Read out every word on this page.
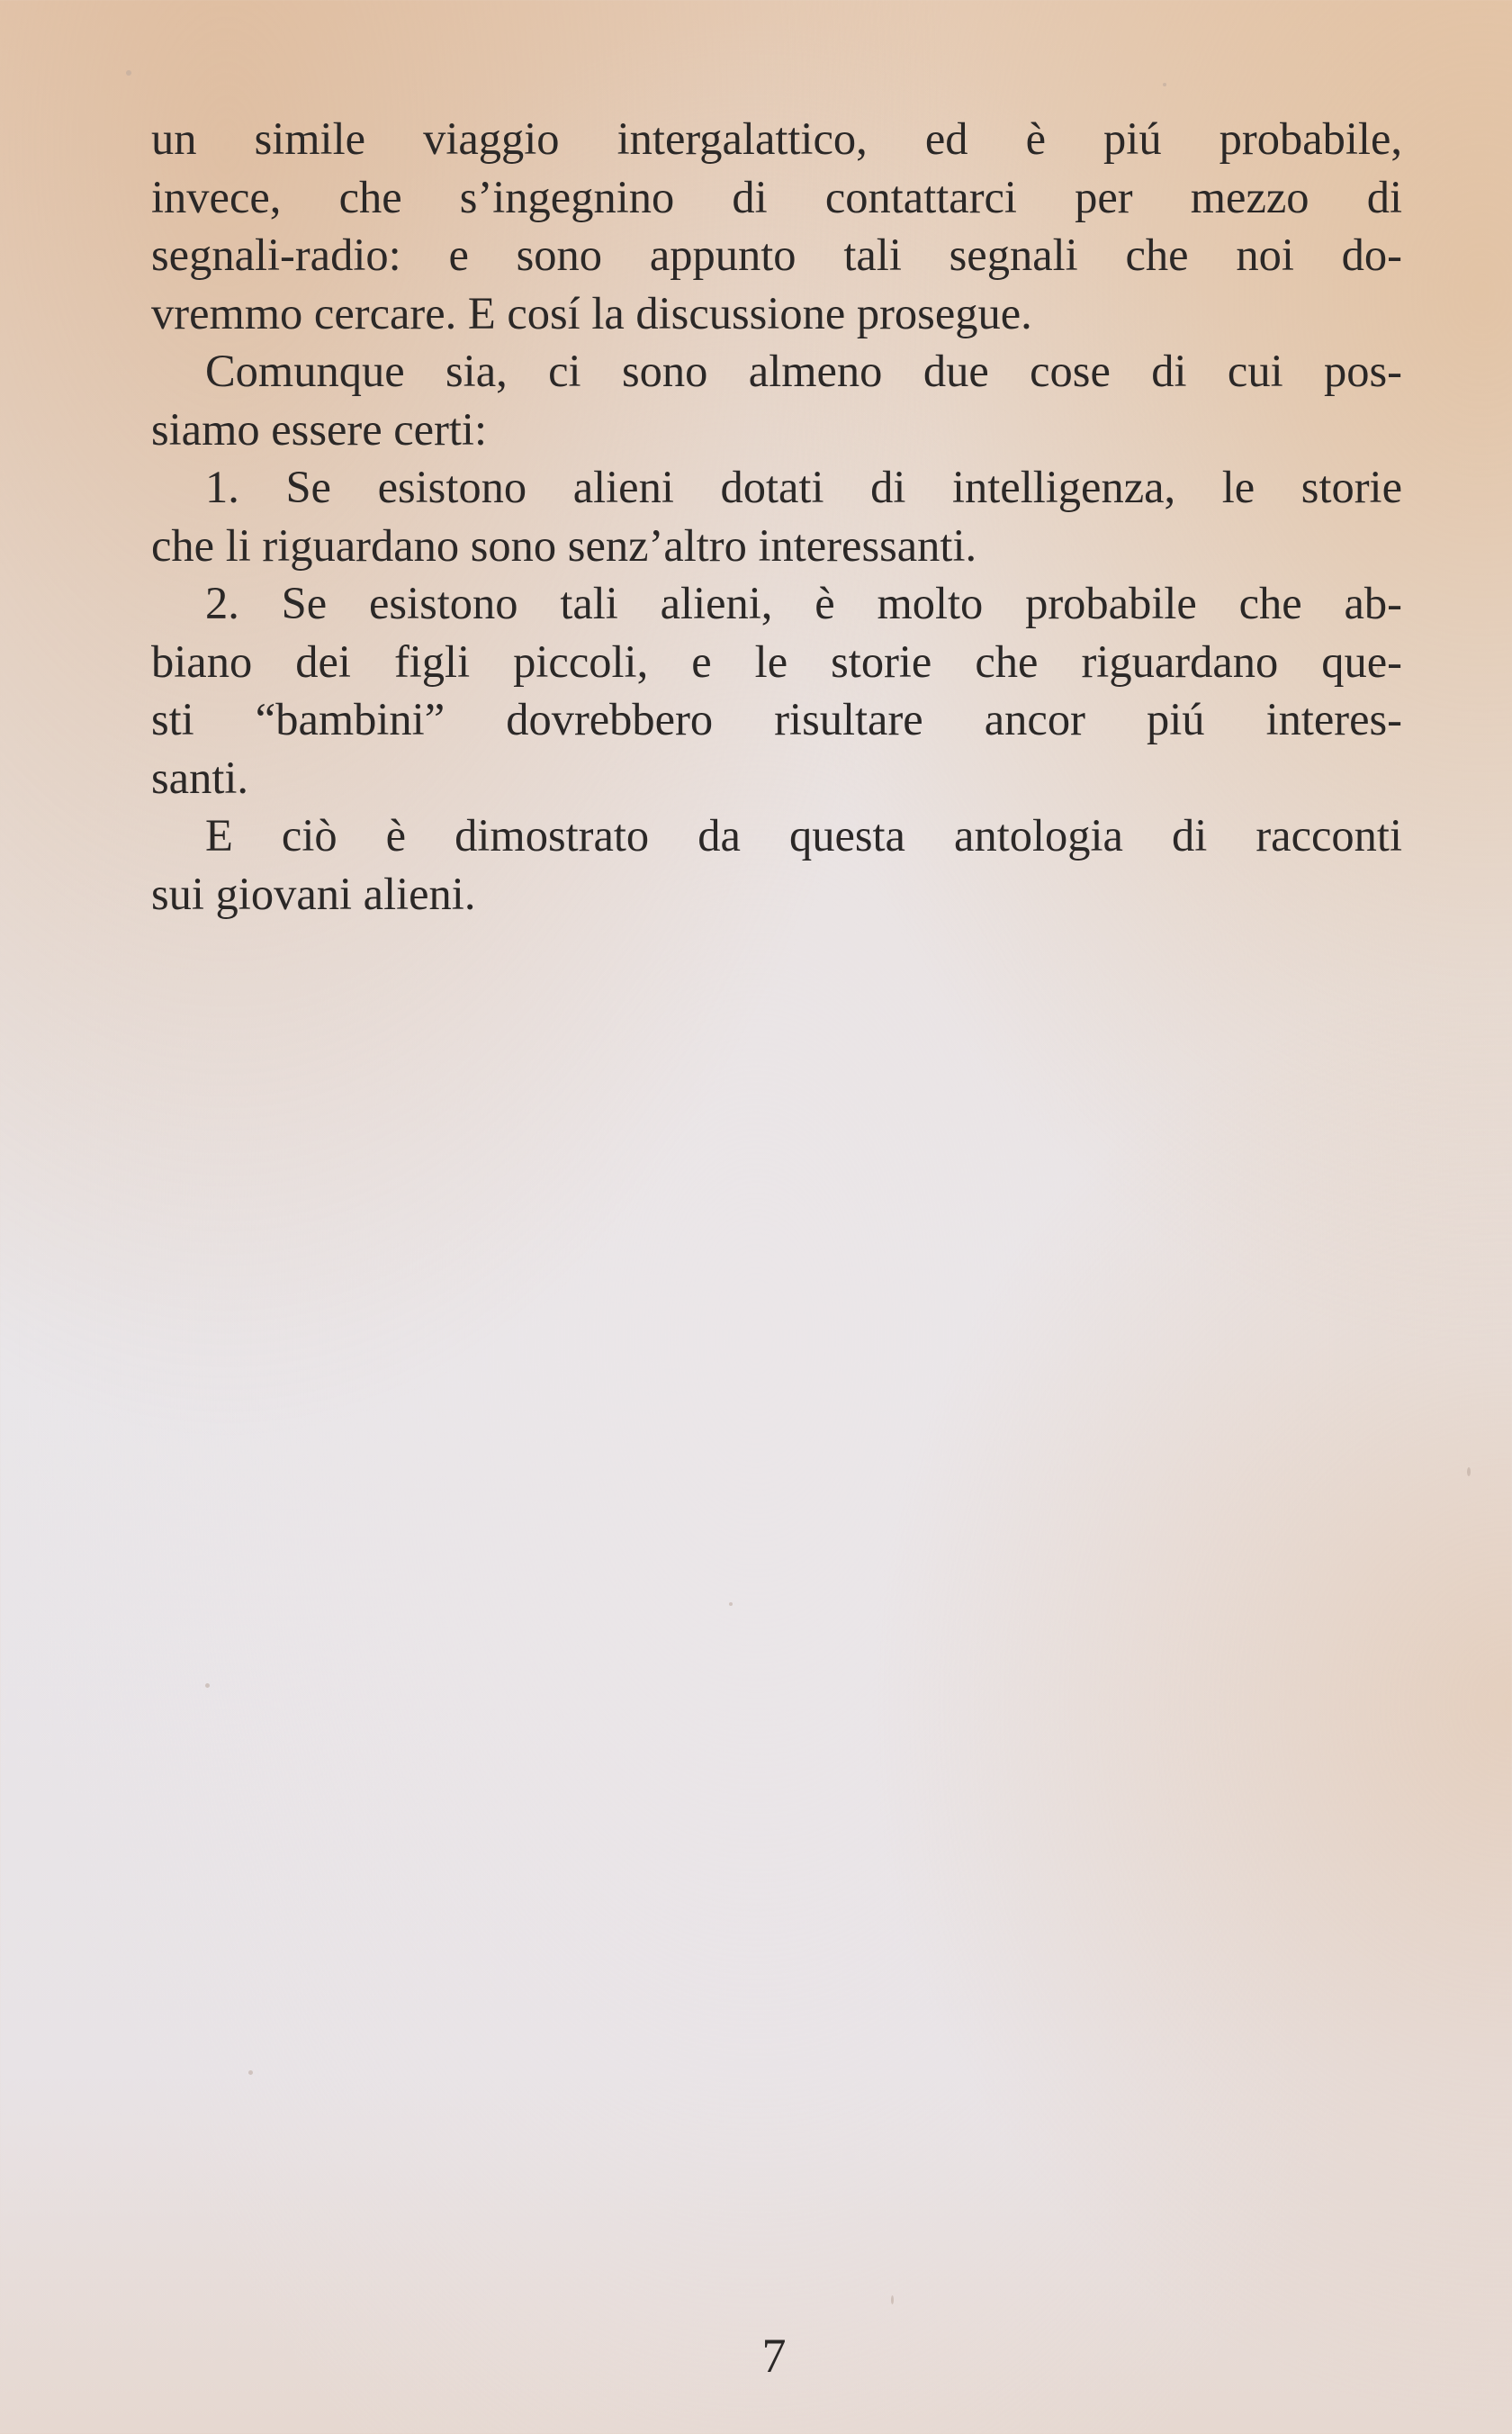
un simile viaggio intergalattico, ed è piú probabile,
invece, che s’ingegnino di contattarci per mezzo di
segnali-radio: e sono appunto tali segnali che noi do-
vremmo cercare. E cosí la discussione prosegue.
Comunque sia, ci sono almeno due cose di cui pos-
siamo essere certi:
1. Se esistono alieni dotati di intelligenza, le storie
che li riguardano sono senz’altro interessanti.
2. Se esistono tali alieni, è molto probabile che ab-
biano dei figli piccoli, e le storie che riguardano que-
sti “bambini” dovrebbero risultare ancor piú interes-
santi.
E ciò è dimostrato da questa antologia di racconti
sui giovani alieni.
7
